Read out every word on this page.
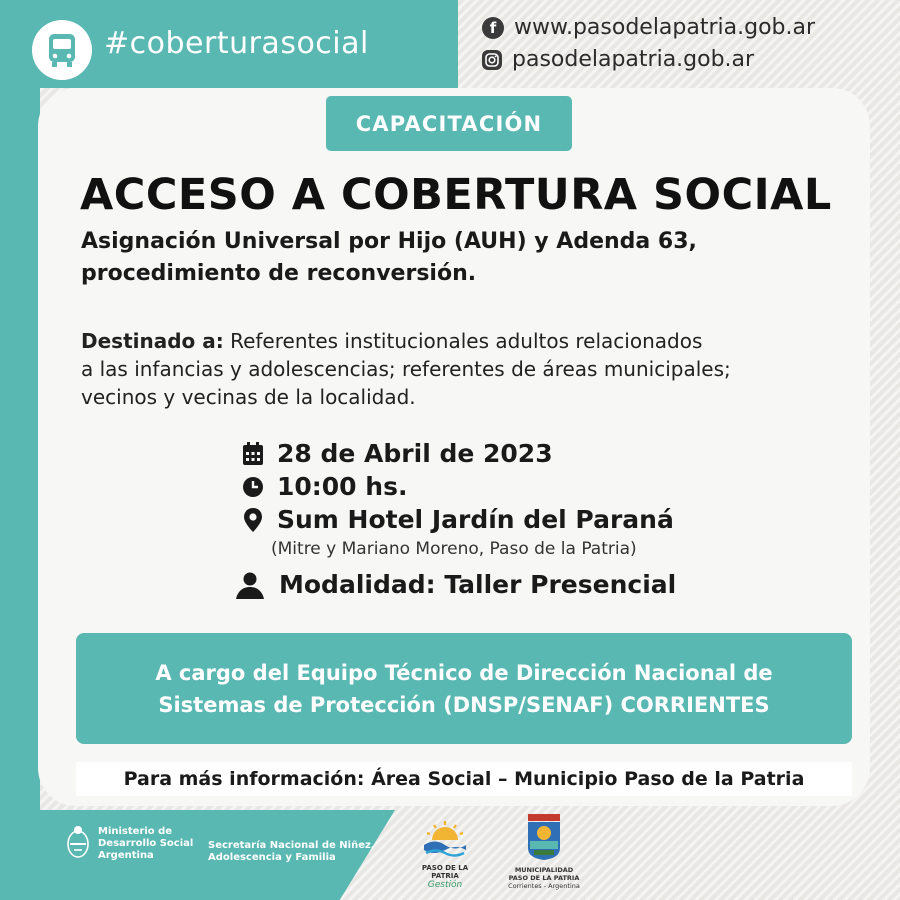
#coberturasocial	f www.pasodelapatria.gob.ar
pasodelapatria.gob.ar
CAPACITACIÓN
ACCESO A COBERTURA SOCIAL
Asignación Universal por Hijo (AUH) y Adenda 63,
procedimiento de reconversión.
Destinado a: Referentes institucionales adultos relacionados
a las infancias y adolescencias; referentes de áreas municipales;
vecinos y vecinas de la localidad.
28 de Abril de 2023
10:00 hs.
Sum Hotel Jardín del Paraná
(Mitre y Mariano Moreno, Paso de la Patria)
Modalidad: Taller Presencial
A cargo del Equipo Técnico de Dirección Nacional de
Sistemas de Protección (DNSP/SENAF) CORRIENTES
Para más información: Área Social – Municipio Paso de la Patria
Ministerio de
Desarrollo Social
Argentina
Secretaría Nacional de Niñez,
Adolescencia y Familia
PASO DE LA PATRIA
Gestión
MUNICIPALIDAD
PASO DE LA PATRIA
Corrientes - Argentina
